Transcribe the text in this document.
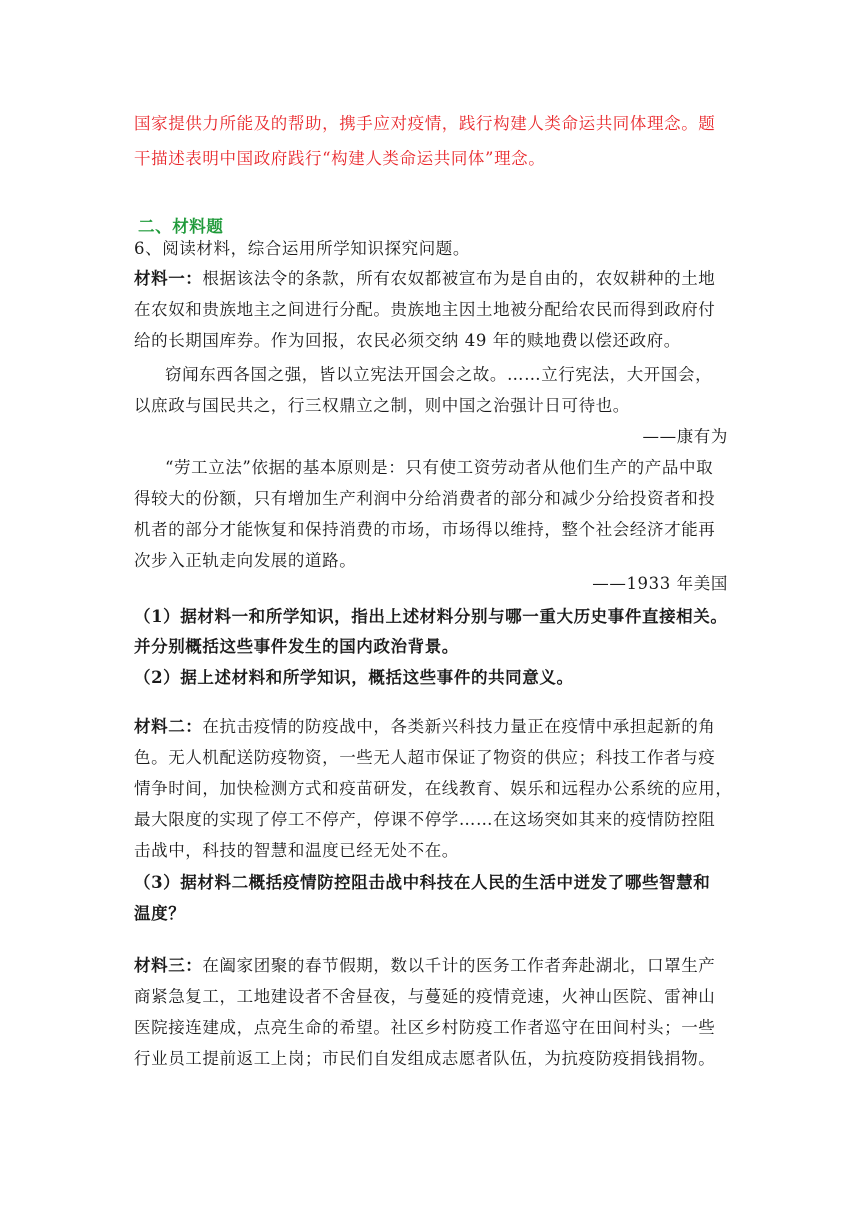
国家提供力所能及的帮助，携手应对疫情，践行构建人类命运共同体理念。题
干描述表明中国政府践行“构建人类命运共同体”理念。
二、材料题
6、阅读材料，综合运用所学知识探究问题。
材料一：根据该法令的条款，所有农奴都被宣布为是自由的，农奴耕种的土地
在农奴和贵族地主之间进行分配。贵族地主因土地被分配给农民而得到政府付
给的长期国库券。作为回报，农民必须交纳 49 年的赎地费以偿还政府。
窃闻东西各国之强，皆以立宪法开国会之故。……立行宪法，大开国会，
以庶政与国民共之，行三权鼎立之制，则中国之治强计日可待也。
——康有为
“劳工立法”依据的基本原则是：只有使工资劳动者从他们生产的产品中取
得较大的份额，只有增加生产利润中分给消费者的部分和减少分给投资者和投
机者的部分才能恢复和保持消费的市场，市场得以维持，整个社会经济才能再
次步入正轨走向发展的道路。
——1933 年美国
（1）据材料一和所学知识，指出上述材料分别与哪一重大历史事件直接相关。
并分别概括这些事件发生的国内政治背景。
（2）据上述材料和所学知识，概括这些事件的共同意义。
材料二：在抗击疫情的防疫战中，各类新兴科技力量正在疫情中承担起新的角
色。无人机配送防疫物资，一些无人超市保证了物资的供应；科技工作者与疫
情争时间，加快检测方式和疫苗研发，在线教育、娱乐和远程办公系统的应用，
最大限度的实现了停工不停产，停课不停学……在这场突如其来的疫情防控阻
击战中，科技的智慧和温度已经无处不在。
（3）据材料二概括疫情防控阻击战中科技在人民的生活中迸发了哪些智慧和
温度？
材料三：在阖家团聚的春节假期，数以千计的医务工作者奔赴湖北，口罩生产
商紧急复工，工地建设者不舍昼夜，与蔓延的疫情竞速，火神山医院、雷神山
医院接连建成，点亮生命的希望。社区乡村防疫工作者巡守在田间村头；一些
行业员工提前返工上岗；市民们自发组成志愿者队伍，为抗疫防疫捐钱捐物。
